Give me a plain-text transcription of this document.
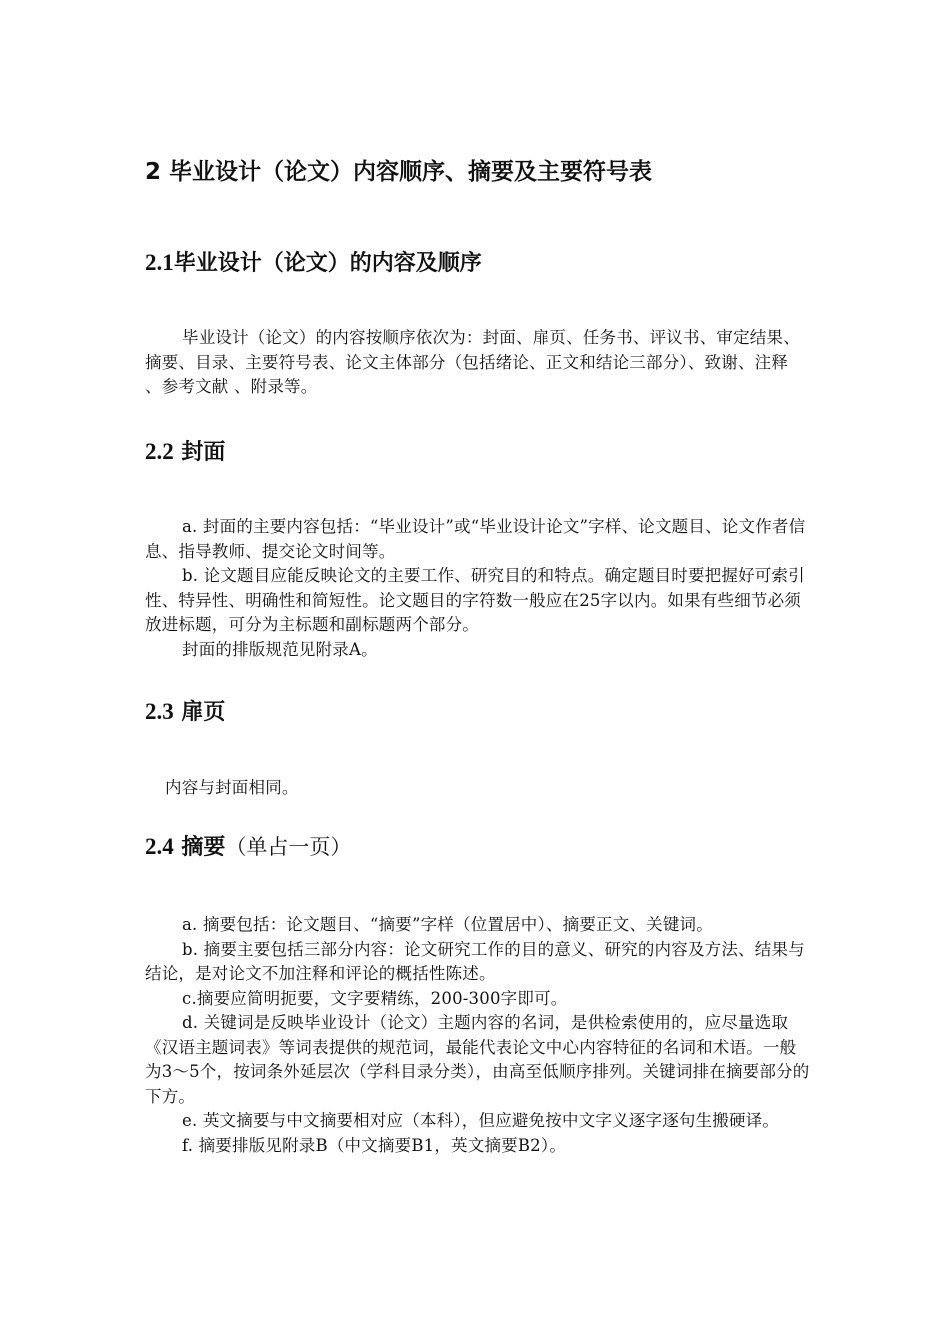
2 毕业设计（论文）内容顺序、摘要及主要符号表
2.1毕业设计（论文）的内容及顺序

毕业设计（论文）的内容按顺序依次为：封面、扉页、任务书、评议书、审定结果、摘要、目录、主要符号表、论文主体部分（包括绪论、正文和结论三部分）、致谢、注释 、参考文献 、附录等。

2.2 封面

a. 封面的主要内容包括：“毕业设计”或“毕业设计论文”字样、论文题目、论文作者信息、指导教师、提交论文时间等。

b. 论文题目应能反映论文的主要工作、研究目的和特点。确定题目时要把握好可索引性、特异性、明确性和简短性。论文题目的字符数一般应在25字以内。如果有些细节必须放进标题，可分为主标题和副标题两个部分。

封面的排版规范见附录A。

2.3 扉页

内容与封面相同。

2.4 摘要（单占一页）

a. 摘要包括：论文题目、“摘要”字样（位置居中）、摘要正文、关键词。

b. 摘要主要包括三部分内容：论文研究工作的目的意义、研究的内容及方法、结果与结论，是对论文不加注释和评论的概括性陈述。

c.摘要应简明扼要，文字要精练，200-300字即可。

d. 关键词是反映毕业设计（论文）主题内容的名词，是供检索使用的，应尽量选取《汉语主题词表》等词表提供的规范词，最能代表论文中心内容特征的名词和术语。一般为3～5个，按词条外延层次（学科目录分类），由高至低顺序排列。关键词排在摘要部分的下方。

e. 英文摘要与中文摘要相对应（本科），但应避免按中文字义逐字逐句生搬硬译。

f. 摘要排版见附录B（中文摘要B1，英文摘要B2）。
